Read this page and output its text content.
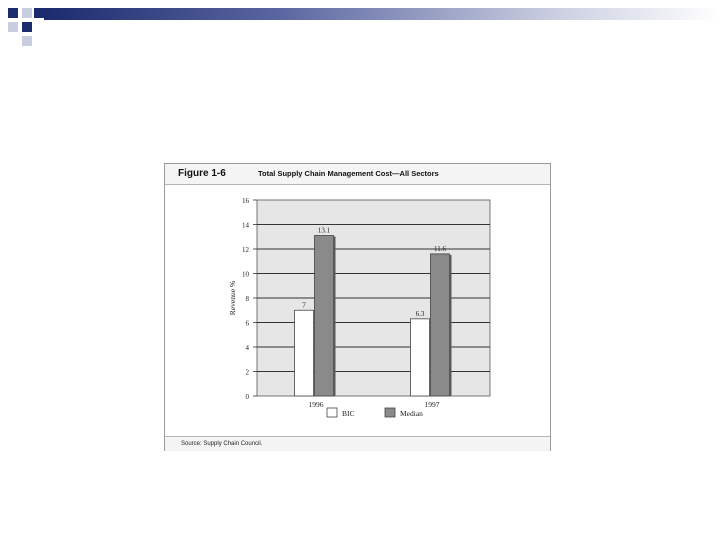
Figure 1-6	Total Supply Chain Management Cost—All Sectors
0
2
4
6
8
10
12
14
16
Revenue %	7
13.1
1996
6.3
11.6
1997
BIC	Median
Source: Supply Chain Council.
